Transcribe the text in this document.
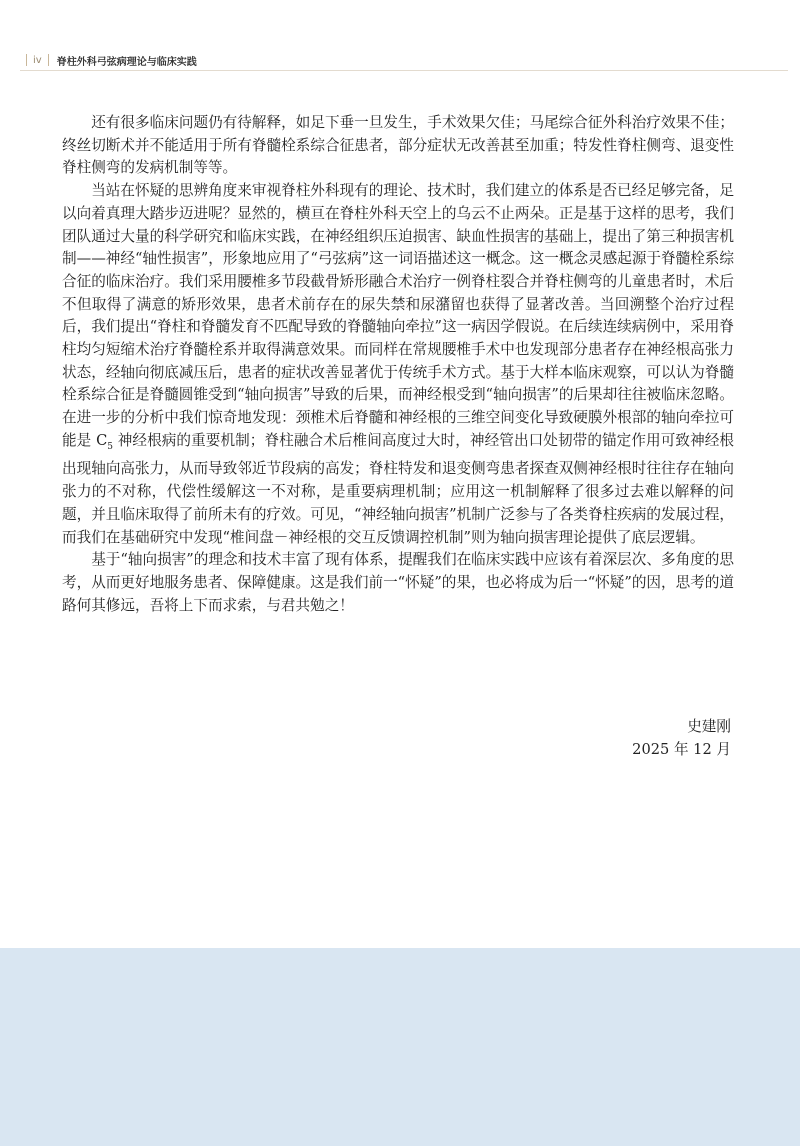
iv 脊柱外科弓弦病理论与临床实践

还有很多临床问题仍有待解释，如足下垂一旦发生，手术效果欠佳；马尾综合征外科治疗效果不佳；终丝切断术并不能适用于所有脊髓栓系综合征患者，部分症状无改善甚至加重；特发性脊柱侧弯、退变性脊柱侧弯的发病机制等等。

当站在怀疑的思辨角度来审视脊柱外科现有的理论、技术时，我们建立的体系是否已经足够完备，足以向着真理大踏步迈进呢？显然的，横亘在脊柱外科天空上的乌云不止两朵。正是基于这样的思考，我们团队通过大量的科学研究和临床实践，在神经组织压迫损害、缺血性损害的基础上，提出了第三种损害机制——神经“轴性损害”，形象地应用了“弓弦病”这一词语描述这一概念。这一概念灵感起源于脊髓栓系综合征的临床治疗。我们采用腰椎多节段截骨矫形融合术治疗一例脊柱裂合并脊柱侧弯的儿童患者时，术后不但取得了满意的矫形效果，患者术前存在的尿失禁和尿潴留也获得了显著改善。当回溯整个治疗过程后，我们提出“脊柱和脊髓发育不匹配导致的脊髓轴向牵拉”这一病因学假说。在后续连续病例中，采用脊柱均匀短缩术治疗脊髓栓系并取得满意效果。而同样在常规腰椎手术中也发现部分患者存在神经根高张力状态，经轴向彻底减压后，患者的症状改善显著优于传统手术方式。基于大样本临床观察，可以认为脊髓栓系综合征是脊髓圆锥受到“轴向损害”导致的后果，而神经根受到“轴向损害”的后果却往往被临床忽略。在进一步的分析中我们惊奇地发现：颈椎术后脊髓和神经根的三维空间变化导致硬膜外根部的轴向牵拉可能是 $C_5$ 神经根病的重要机制；脊柱融合术后椎间高度过大时，神经管出口处韧带的锚定作用可致神经根出现轴向高张力，从而导致邻近节段病的高发；脊柱特发和退变侧弯患者探查双侧神经根时往往存在轴向张力的不对称，代偿性缓解这一不对称，是重要病理机制；应用这一机制解释了很多过去难以解释的问题，并且临床取得了前所未有的疗效。可见，“神经轴向损害”机制广泛参与了各类脊柱疾病的发展过程，而我们在基础研究中发现“椎间盘－神经根的交互反馈调控机制”则为轴向损害理论提供了底层逻辑。

基于“轴向损害”的理念和技术丰富了现有体系，提醒我们在临床实践中应该有着深层次、多角度的思考，从而更好地服务患者、保障健康。这是我们前一“怀疑”的果，也必将成为后一“怀疑”的因，思考的道路何其修远，吾将上下而求索，与君共勉之！

史建刚
2025 年 12 月
